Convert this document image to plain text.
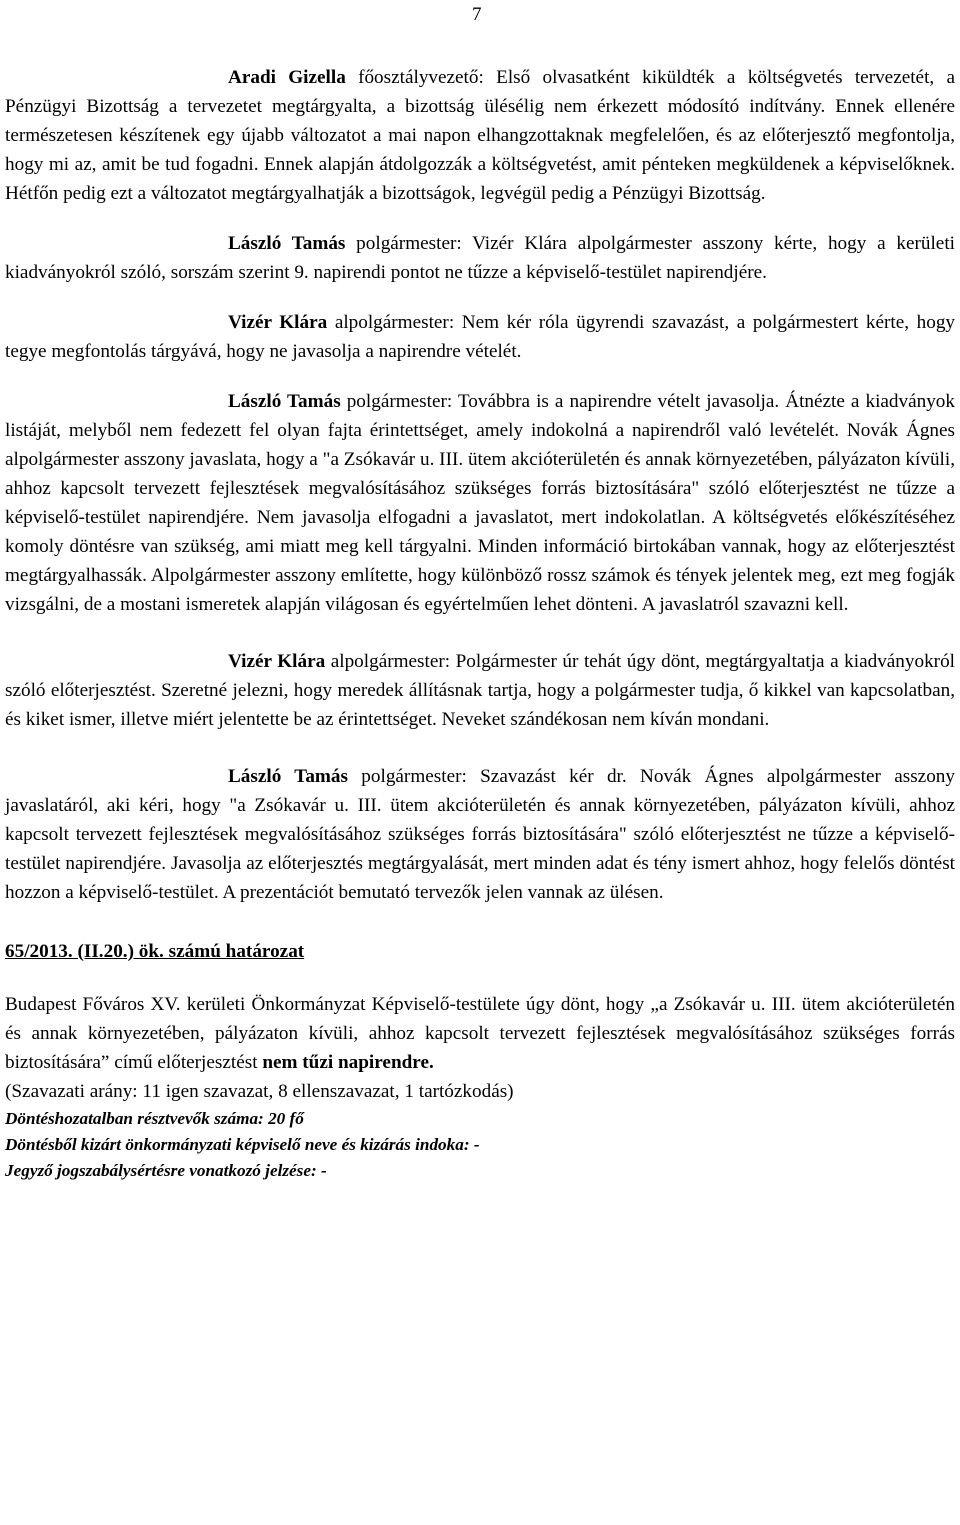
7

Aradi Gizella főosztályvezető: Első olvasatként kiküldték a költségvetés tervezetét, a Pénzügyi Bizottság a tervezetet megtárgyalta, a bizottság ülésélig nem érkezett módosító indítvány. Ennek ellenére természetesen készítenek egy újabb változatot a mai napon elhangzottaknak megfelelően, és az előterjesztő megfontolja, hogy mi az, amit be tud fogadni. Ennek alapján átdolgozzák a költségvetést, amit pénteken megküldenek a képviselőknek. Hétfőn pedig ezt a változatot megtárgyalhatják a bizottságok, legvégül pedig a Pénzügyi Bizottság.

László Tamás polgármester: Vizér Klára alpolgármester asszony kérte, hogy a kerületi kiadványokról szóló, sorszám szerint 9. napirendi pontot ne tűzze a képviselő-testület napirendjére.

Vizér Klára alpolgármester: Nem kér róla ügyrendi szavazást, a polgármestert kérte, hogy tegye megfontolás tárgyává, hogy ne javasolja a napirendre vételét.

László Tamás polgármester: Továbbra is a napirendre vételt javasolja. Átnézte a kiadványok listáját, melyből nem fedezett fel olyan fajta érintettséget, amely indokolná a napirendről való levételét. Novák Ágnes alpolgármester asszony javaslata, hogy a "a Zsókavár u. III. ütem akcióterületén és annak környezetében, pályázaton kívüli, ahhoz kapcsolt tervezett fejlesztések megvalósításához szükséges forrás biztosítására" szóló előterjesztést ne tűzze a képviselő-testület napirendjére. Nem javasolja elfogadni a javaslatot, mert indokolatlan. A költségvetés előkészítéséhez komoly döntésre van szükség, ami miatt meg kell tárgyalni. Minden információ birtokában vannak, hogy az előterjesztést megtárgyalhassák. Alpolgármester asszony említette, hogy különböző rossz számok és tények jelentek meg, ezt meg fogják vizsgálni, de a mostani ismeretek alapján világosan és egyértelműen lehet dönteni. A javaslatról szavazni kell.

Vizér Klára alpolgármester: Polgármester úr tehát úgy dönt, megtárgyaltatja a kiadványokról szóló előterjesztést. Szeretné jelezni, hogy meredek állításnak tartja, hogy a polgármester tudja, ő kikkel van kapcsolatban, és kiket ismer, illetve miért jelentette be az érintettséget. Neveket szándékosan nem kíván mondani.

László Tamás polgármester: Szavazást kér dr. Novák Ágnes alpolgármester asszony javaslatáról, aki kéri, hogy "a Zsókavár u. III. ütem akcióterületén és annak környezetében, pályázaton kívüli, ahhoz kapcsolt tervezett fejlesztések megvalósításához szükséges forrás biztosítására" szóló előterjesztést ne tűzze a képviselő-testület napirendjére. Javasolja az előterjesztés megtárgyalását, mert minden adat és tény ismert ahhoz, hogy felelős döntést hozzon a képviselő-testület. A prezentációt bemutató tervezők jelen vannak az ülésen.

65/2013. (II.20.) ök. számú határozat

Budapest Főváros XV. kerületi Önkormányzat Képviselő-testülete úgy dönt, hogy „a Zsókavár u. III. ütem akcióterületén és annak környezetében, pályázaton kívüli, ahhoz kapcsolt tervezett fejlesztések megvalósításához szükséges forrás biztosítására” című előterjesztést nem tűzi napirendre.

(Szavazati arány: 11 igen szavazat, 8 ellenszavazat, 1 tartózkodás)

Döntéshozatalban résztvevők száma: 20 fő

Döntésből kizárt önkormányzati képviselő neve és kizárás indoka: -

Jegyző jogszabálysértésre vonatkozó jelzése: -
